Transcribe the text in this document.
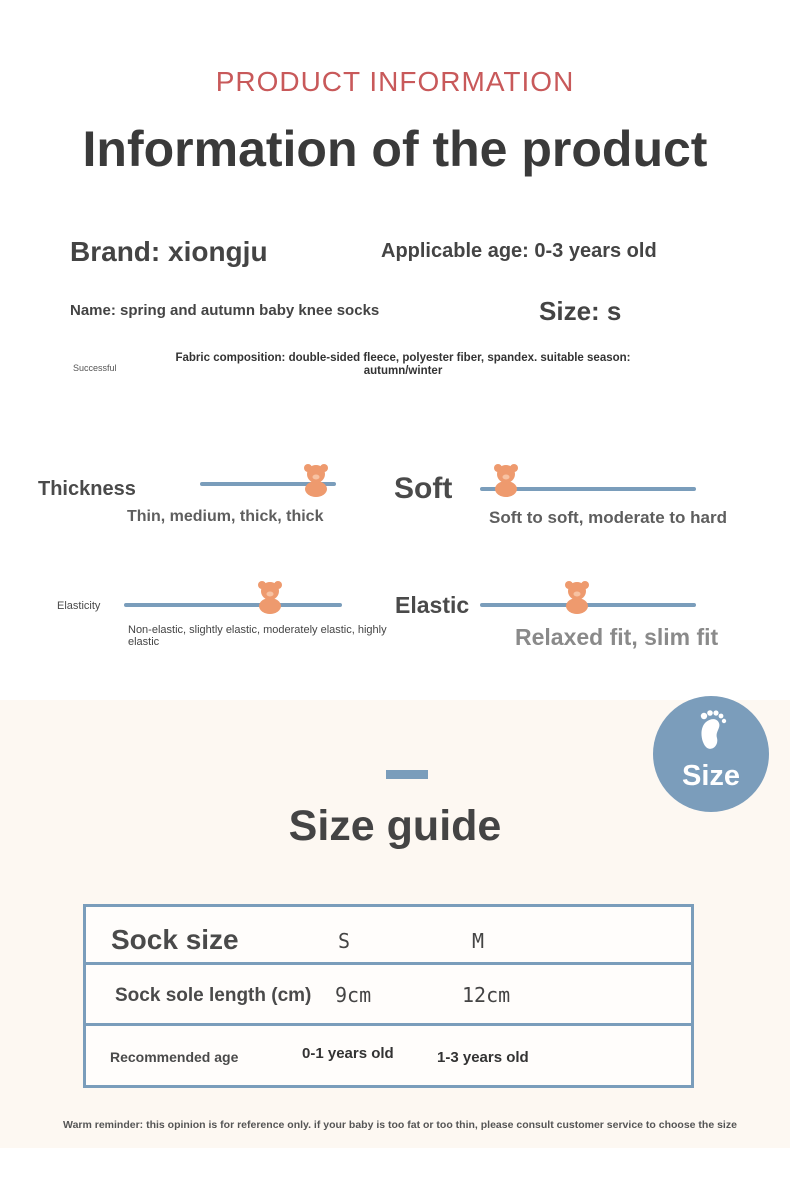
PRODUCT INFORMATION
Information of the product
Brand: xiongju	Applicable age: 0-3 years old
Name: spring and autumn baby knee socks	Size: s
Successful
Fabric composition: double-sided fleece, polyester fiber, spandex. suitable season: autumn/winter
Thickness
Thin, medium, thick, thick
Soft
Soft to soft, moderate to hard
Elasticity
Non-elastic, slightly elastic, moderately elastic, highly elastic
Elastic
Relaxed fit, slim fit
Size guide
Size
Sock size	S	M
Sock sole length (cm) 9cm	12cm
Recommended age	0-1 years old	1-3 years old
Warm reminder: this opinion is for reference only. if your baby is too fat or too thin, please consult customer service to choose the size
